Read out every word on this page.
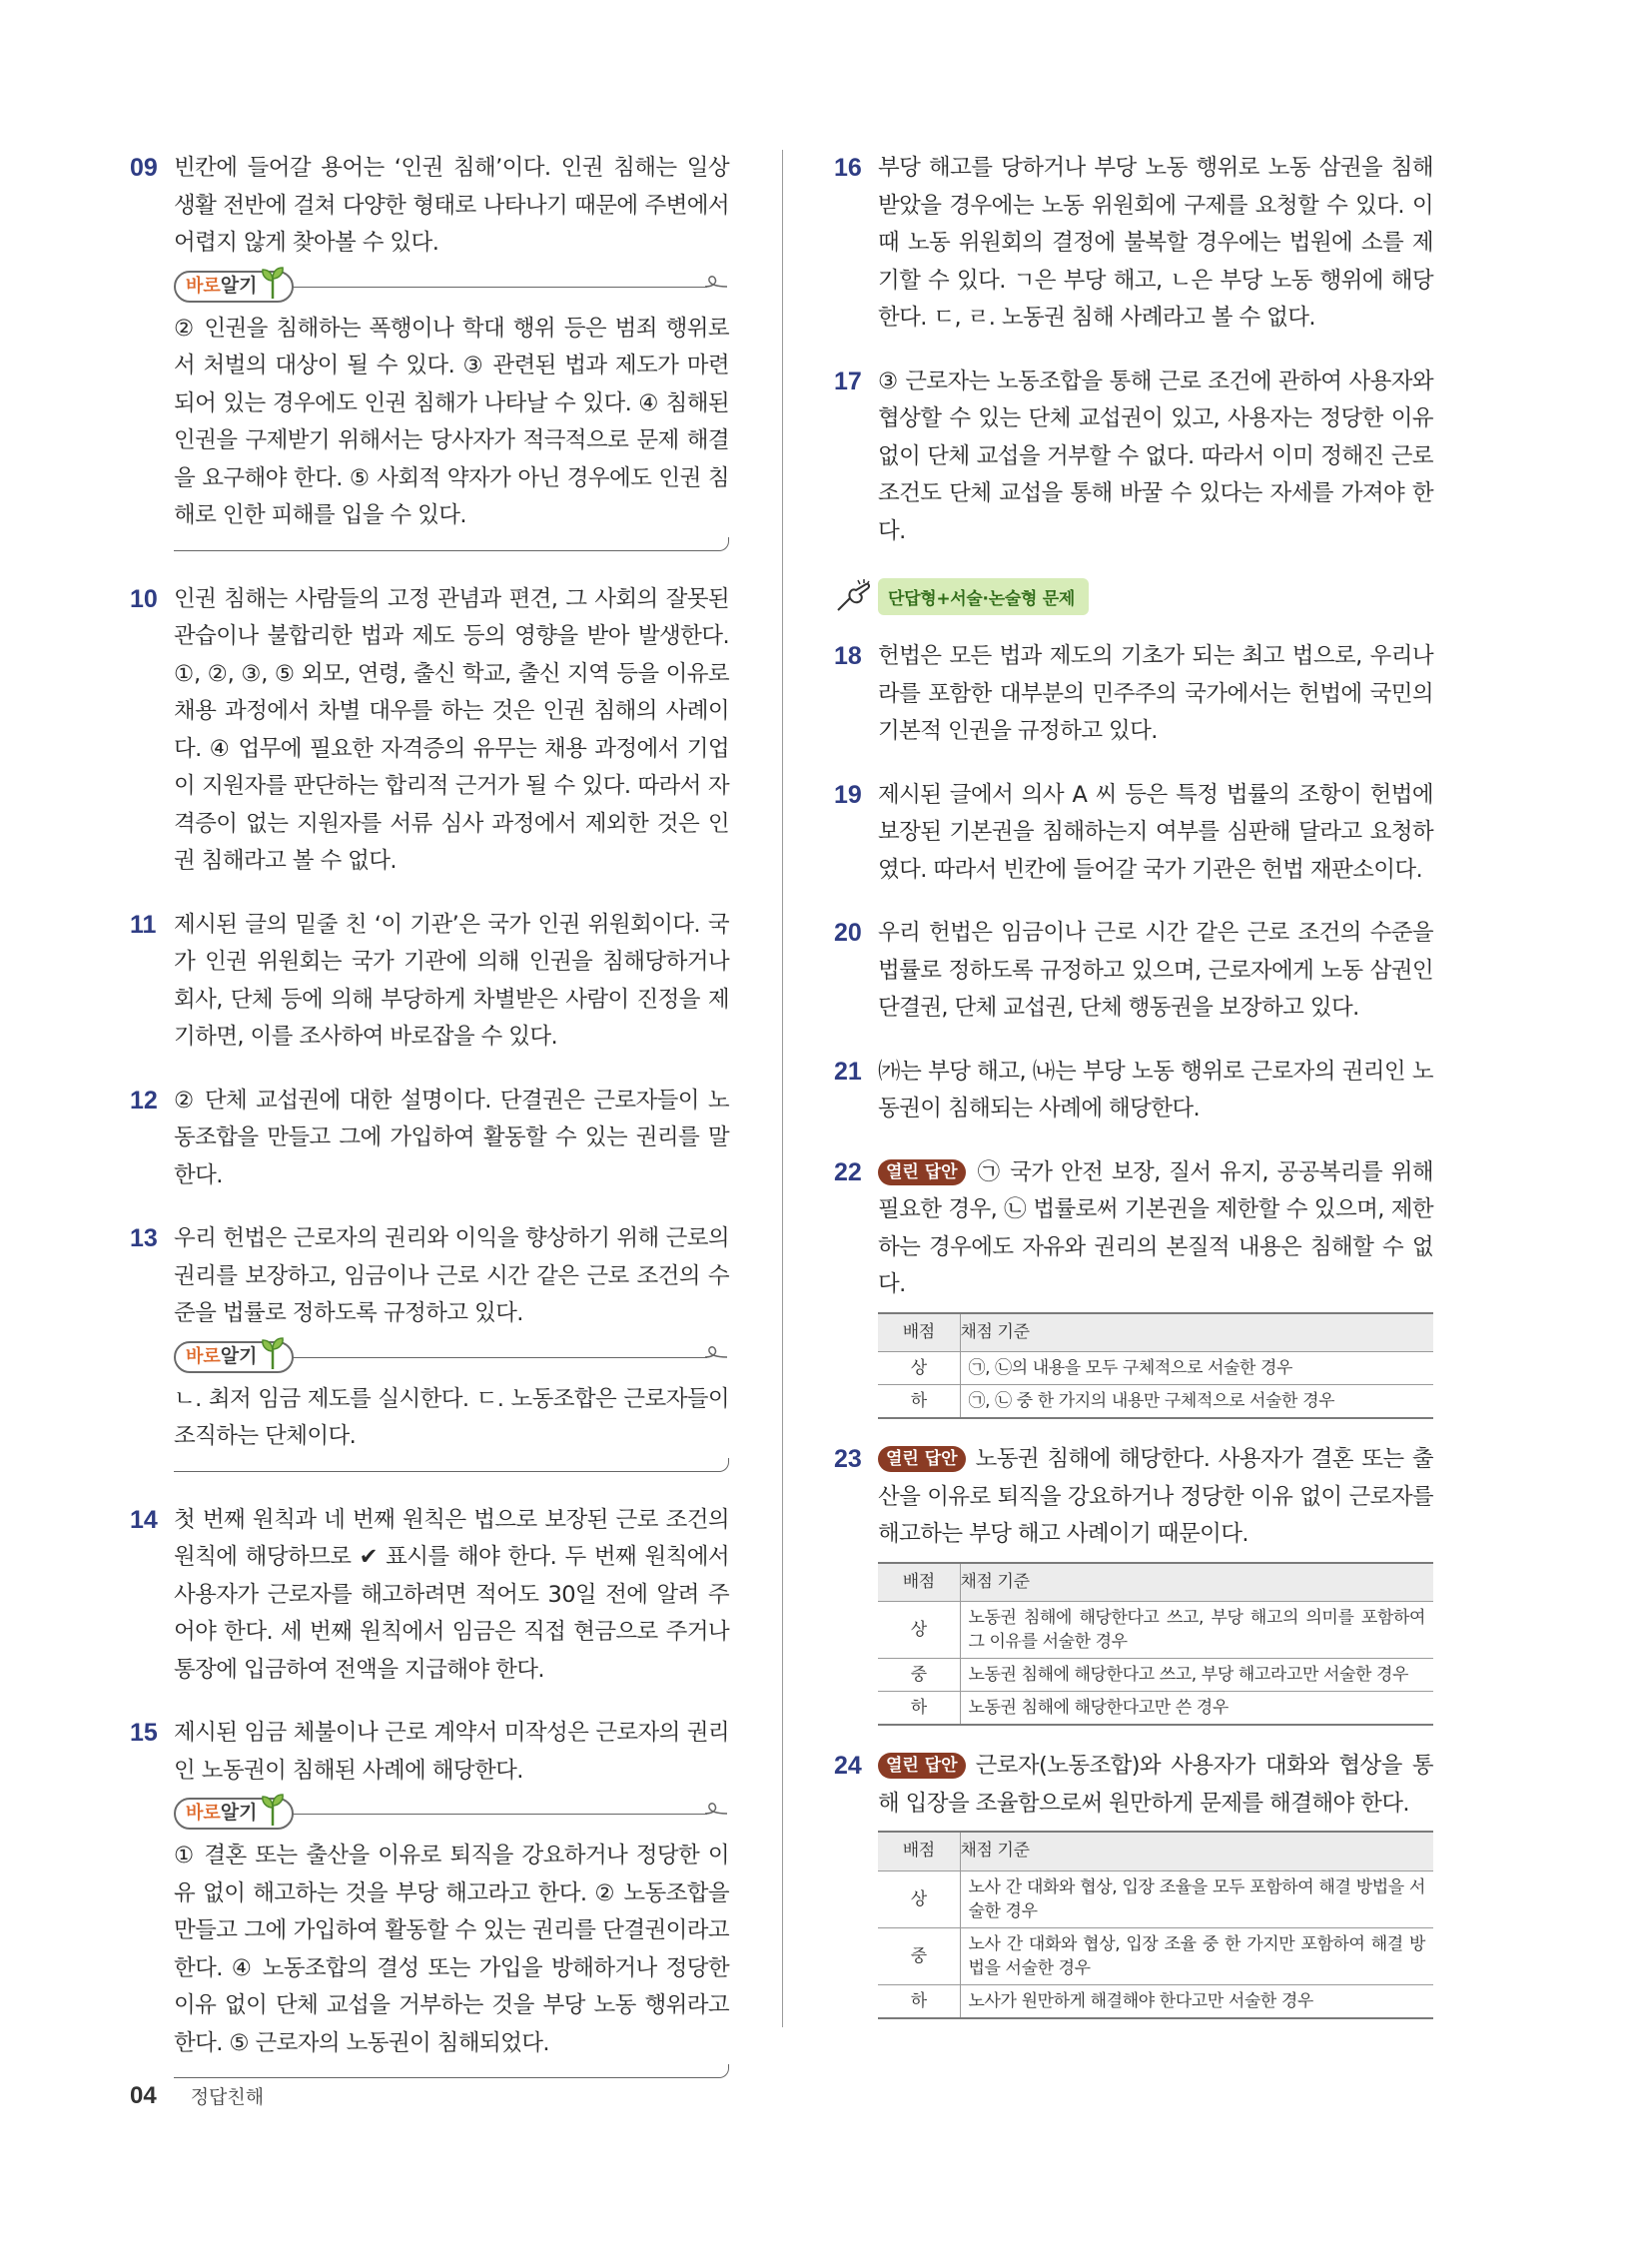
09 빈칸에 들어갈 용어는 ‘인권 침해’이다. 인권 침해는 일상 생활 전반에 걸쳐 다양한 형태로 나타나기 때문에 주변에서 어렵지 않게 찾아볼 수 있다.
바로 알기
② 인권을 침해하는 폭행이나 학대 행위 등은 범죄 행위로서 처벌의 대상이 될 수 있다. ③ 관련된 법과 제도가 마련되어 있는 경우에도 인권 침해가 나타날 수 있다. ④ 침해된 인권을 구제받기 위해서는 당사자가 적극적으로 문제 해결을 요구해야 한다. ⑤ 사회적 약자가 아닌 경우에도 인권 침해로 인한 피해를 입을 수 있다.
10 인권 침해는 사람들의 고정 관념과 편견, 그 사회의 잘못된 관습이나 불합리한 법과 제도 등의 영향을 받아 발생한다. ①, ②, ③, ⑤ 외모, 연령, 출신 학교, 출신 지역 등을 이유로 채용 과정에서 차별 대우를 하는 것은 인권 침해의 사례이다. ④ 업무에 필요한 자격증의 유무는 채용 과정에서 기업이 지원자를 판단하는 합리적 근거가 될 수 있다. 따라서 자격증이 없는 지원자를 서류 심사 과정에서 제외한 것은 인권 침해라고 볼 수 없다.
11 제시된 글의 밑줄 친 ‘이 기관’은 국가 인권 위원회이다. 국가 인권 위원회는 국가 기관에 의해 인권을 침해당하거나 회사, 단체 등에 의해 부당하게 차별받은 사람이 진정을 제기하면, 이를 조사하여 바로잡을 수 있다.
12 ② 단체 교섭권에 대한 설명이다. 단결권은 근로자들이 노동조합을 만들고 그에 가입하여 활동할 수 있는 권리를 말한다.
13 우리 헌법은 근로자의 권리와 이익을 향상하기 위해 근로의 권리를 보장하고, 임금이나 근로 시간 같은 근로 조건의 수준을 법률로 정하도록 규정하고 있다.
바로 알기
ㄴ. 최저 임금 제도를 실시한다. ㄷ. 노동조합은 근로자들이 조직하는 단체이다.
14 첫 번째 원칙과 네 번째 원칙은 법으로 보장된 근로 조건의 원칙에 해당하므로 ✔ 표시를 해야 한다. 두 번째 원칙에서 사용자가 근로자를 해고하려면 적어도 30일 전에 알려 주어야 한다. 세 번째 원칙에서 임금은 직접 현금으로 주거나 통장에 입금하여 전액을 지급해야 한다.
15 제시된 임금 체불이나 근로 계약서 미작성은 근로자의 권리인 노동권이 침해된 사례에 해당한다.
바로 알기
① 결혼 또는 출산을 이유로 퇴직을 강요하거나 정당한 이유 없이 해고하는 것을 부당 해고라고 한다. ② 노동조합을 만들고 그에 가입하여 활동할 수 있는 권리를 단결권이라고 한다. ④ 노동조합의 결성 또는 가입을 방해하거나 정당한 이유 없이 단체 교섭을 거부하는 것을 부당 노동 행위라고 한다. ⑤ 근로자의 노동권이 침해되었다.
16 부당 해고를 당하거나 부당 노동 행위로 노동 삼권을 침해받았을 경우에는 노동 위원회에 구제를 요청할 수 있다. 이때 노동 위원회의 결정에 불복할 경우에는 법원에 소를 제기할 수 있다. ㄱ은 부당 해고, ㄴ은 부당 노동 행위에 해당한다. ㄷ, ㄹ. 노동권 침해 사례라고 볼 수 없다.
17 ③ 근로자는 노동조합을 통해 근로 조건에 관하여 사용자와 협상할 수 있는 단체 교섭권이 있고, 사용자는 정당한 이유 없이 단체 교섭을 거부할 수 없다. 따라서 이미 정해진 근로 조건도 단체 교섭을 통해 바꿀 수 있다는 자세를 가져야 한다.
단답형+서술·논술형 문제
18 헌법은 모든 법과 제도의 기초가 되는 최고 법으로, 우리나라를 포함한 대부분의 민주주의 국가에서는 헌법에 국민의 기본적 인권을 규정하고 있다.
19 제시된 글에서 의사 A 씨 등은 특정 법률의 조항이 헌법에 보장된 기본권을 침해하는지 여부를 심판해 달라고 요청하였다. 따라서 빈칸에 들어갈 국가 기관은 헌법 재판소이다.
20 우리 헌법은 임금이나 근로 시간 같은 근로 조건의 수준을 법률로 정하도록 규정하고 있으며, 근로자에게 노동 삼권인 단결권, 단체 교섭권, 단체 행동권을 보장하고 있다.
21 ㈎는 부당 해고, ㈏는 부당 노동 행위로 근로자의 권리인 노동권이 침해되는 사례에 해당한다.
22	열린 답안 ㉠ 국가 안전 보장, 질서 유지, 공공복리를 위해 필요한 경우, ㉡ 법률로써 기본권을 제한할 수 있으며, 제한하는 경우에도 자유와 권리의 본질적 내용은 침해할 수 없다.
배점	채점 기준
상	㉠, ㉡의 내용을 모두 구체적으로 서술한 경우
하	㉠, ㉡ 중 한 가지의 내용만 구체적으로 서술한 경우
23	열린 답안 노동권 침해에 해당한다. 사용자가 결혼 또는 출산을 이유로 퇴직을 강요하거나 정당한 이유 없이 근로자를 해고하는 부당 해고 사례이기 때문이다.
배점	채점 기준
상	노동권 침해에 해당한다고 쓰고, 부당 해고의 의미를 포함하여 그 이유를 서술한 경우
중	노동권 침해에 해당한다고 쓰고, 부당 해고라고만 서술한 경우
하	노동권 침해에 해당한다고만 쓴 경우
24	열린 답안 근로자(노동조합)와 사용자가 대화와 협상을 통해 입장을 조율함으로써 원만하게 문제를 해결해야 한다.
배점	채점 기준
상	노사 간 대화와 협상, 입장 조율을 모두 포함하여 해결 방법을 서술한 경우
중	노사 간 대화와 협상, 입장 조율 중 한 가지만 포함하여 해결 방법을 서술한 경우
하	노사가 원만하게 해결해야 한다고만 서술한 경우
04 정답친해
